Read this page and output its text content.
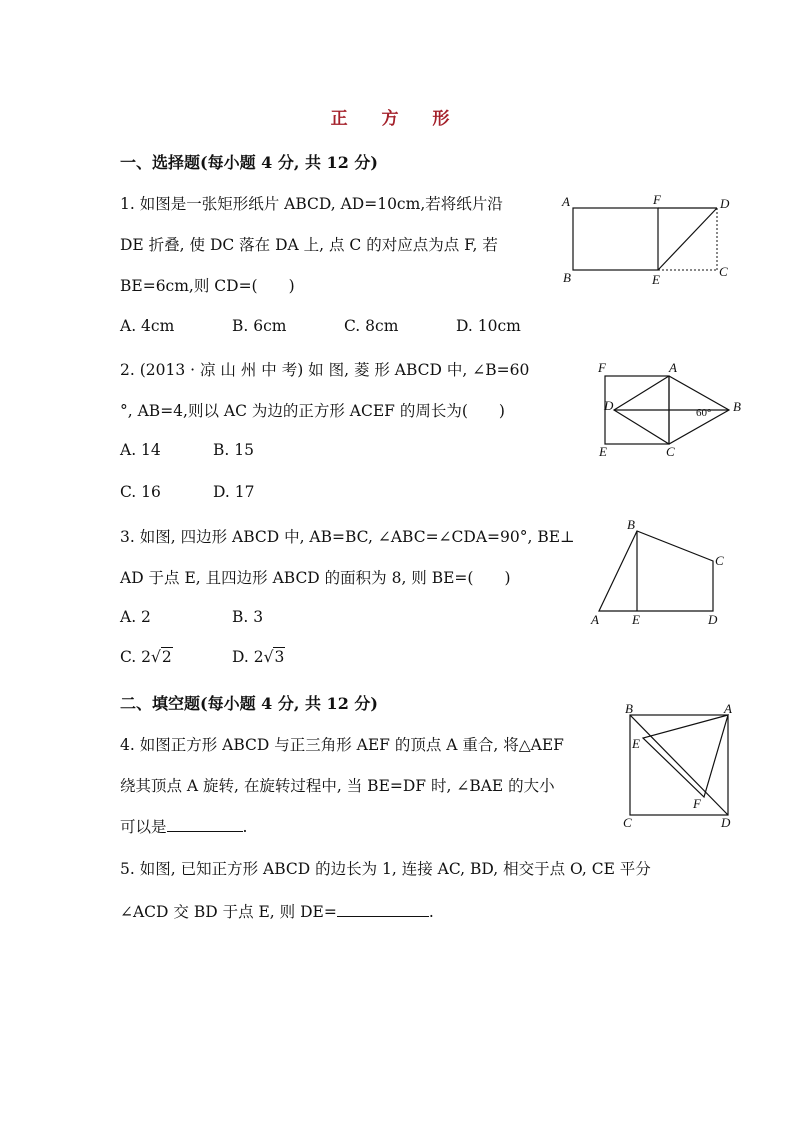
正 方 形
一、选择题(每小题 4 分, 共 12 分)
1. 如图是一张矩形纸片 ABCD, AD=10cm,若将纸片沿
DE 折叠, 使 DC 落在 DA 上, 点 C 的对应点为点 F, 若
BE=6cm,则 CD=(　　)
A. 4cm	B. 6cm	C. 8cm	D. 10cm
A	F	D
B	E
C
2. (2013 · 凉 山 州 中 考) 如 图, 菱 形 ABCD 中, ∠B=60
°, AB=4,则以 AC 为边的正方形 ACEF 的周长为(　　)
A. 14	B. 15
C. 16	D. 17
F	A
D	B
E	C
60°
3. 如图, 四边形 ABCD 中, AB=BC, ∠ABC=∠CDA=90°, BE⊥
AD 于点 E, 且四边形 ABCD 的面积为 8, 则 BE=(　　)
A. 2	B. 3
C. 2√2	D. 2√3
B
C
A	E	D
二、填空题(每小题 4 分, 共 12 分)
4. 如图正方形 ABCD 与正三角形 AEF 的顶点 A 重合, 将△AEF
绕其顶点 A 旋转, 在旋转过程中, 当 BE=DF 时, ∠BAE 的大小
可以是	.
B	A
E
F
C	D
5. 如图, 已知正方形 ABCD 的边长为 1, 连接 AC, BD, 相交于点 O, CE 平分
∠ACD 交 BD 于点 E, 则 DE=	.
